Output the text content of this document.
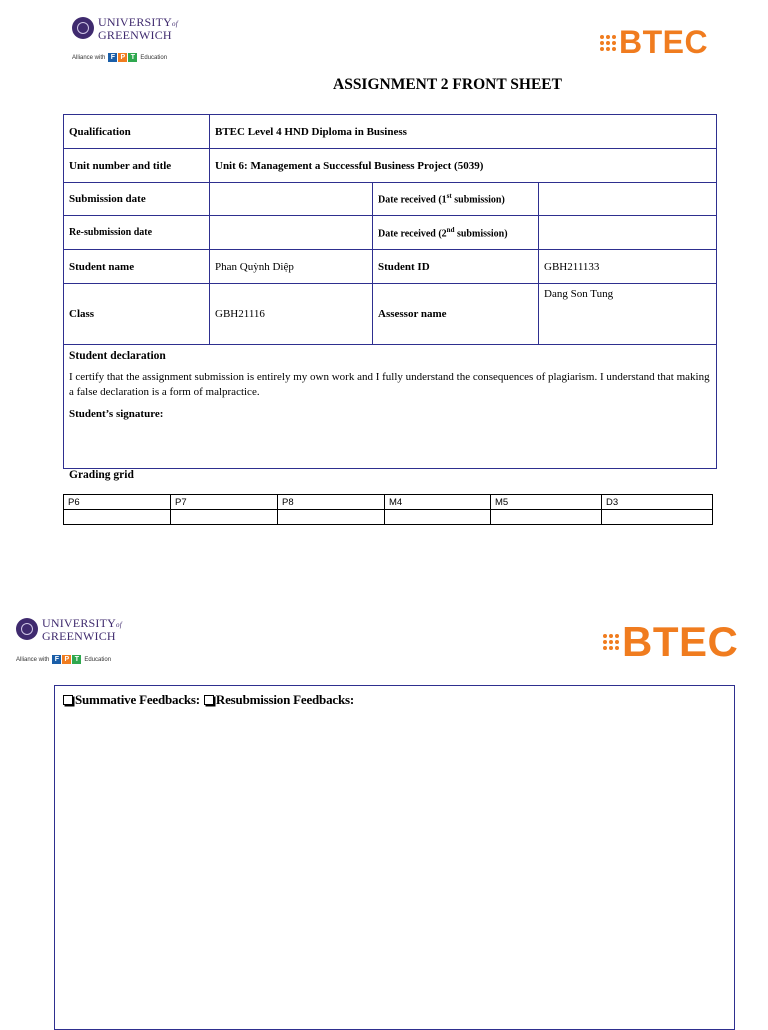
UNIVERSITYof
GREENWICH
Alliance with F P T Education	BTEC
ASSIGNMENT 2 FRONT SHEET
Qualification	BTEC Level 4 HND Diploma in Business		
Unit number and title	Unit 6: Management a Successful Business Project (5039)		
Submission date		Date received (1st submission)	
Re-submission date		Date received (2nd submission)	
Student name	Phan Quỳnh Diệp	Student ID	GBH211133
Class	GBH21116	Assessor name	Dang Son Tung

Student declaration
I certify that the assignment submission is entirely my own work and I fully understand the consequences of plagiarism. I understand that making a false declaration is a form of malpractice.
Student’s signature:			
Grading grid
P6	P7	P8	M4	M5	D3

UNIVERSITYof
GREENWICH
Alliance with F P T Education	BTEC
Summative Feedbacks: Resubmission Feedbacks:
